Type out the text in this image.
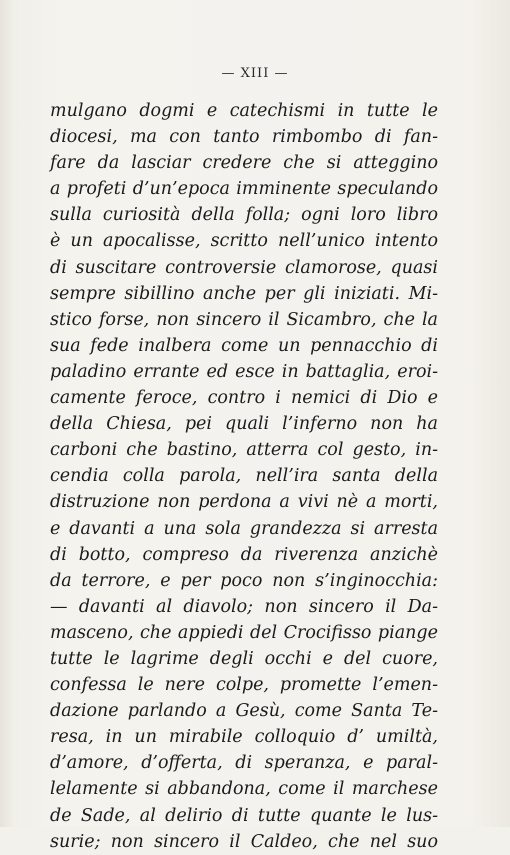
— XIII —
mulgano dogmi e catechismi in tutte le
diocesi, ma con tanto rimbombo di fan-
fare da lasciar credere che si atteggino
a profeti d’un’epoca imminente speculando
sulla curiosità della folla; ogni loro libro
è un apocalisse, scritto nell’unico intento
di suscitare controversie clamorose, quasi
sempre sibillino anche per gli iniziati. Mi-
stico forse, non sincero il Sicambro, che la
sua fede inalbera come un pennacchio di
paladino errante ed esce in battaglia, eroi-
camente feroce, contro i nemici di Dio e
della Chiesa, pei quali l’inferno non ha
carboni che bastino, atterra col gesto, in-
cendia colla parola, nell’ira santa della
distruzione non perdona a vivi nè a morti,
e davanti a una sola grandezza si arresta
di botto, compreso da riverenza anzichè
da terrore, e per poco non s’inginocchia:
— davanti al diavolo; non sincero il Da-
masceno, che appiedi del Crocifisso piange
tutte le lagrime degli occhi e del cuore,
confessa le nere colpe, promette l’emen-
dazione parlando a Gesù, come Santa Te-
resa, in un mirabile colloquio d’ umiltà,
d’amore, d’offerta, di speranza, e paral-
lelamente si abbandona, come il marchese
de Sade, al delirio di tutte quante le lus-
surie; non sincero il Caldeo, che nel suo
